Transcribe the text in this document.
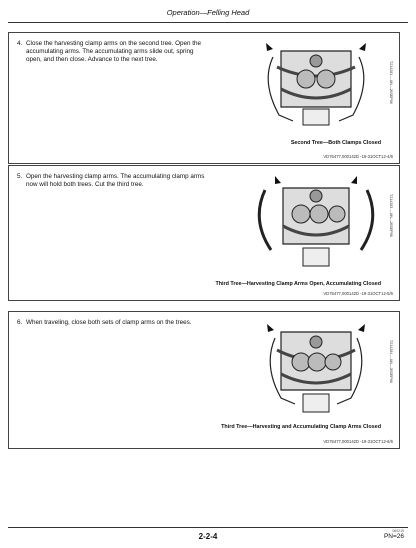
Operation—Felling Head
4. Close the harvesting clamp arms on the second tree. Open the accumulating arms. The accumulating arms slide out, spring open, and then close. Advance to the next tree.
T214281 —UN—26SEP06
Second Tree—Both Clamps Closed
VD76477,000142D -19-31OCT12-4/6
5. Open the harvesting clamp arms. The accumulating clamp arms now will hold both trees. Cut the third tree.
T214283 —UN—26SEP06
Third Tree—Harvesting Clamp Arms Open, Accumulating Closed
VD76477,000142D -19-31OCT12-5/6
6. When traveling, close both sets of clamp arms on the trees.
T214284 —UN—26SEP06
Third Tree—Harvesting and Accumulating Clamp Arms Closed
VD76477,000142D -19-31OCT12-6/6
2-2-4
060215
PN=26
